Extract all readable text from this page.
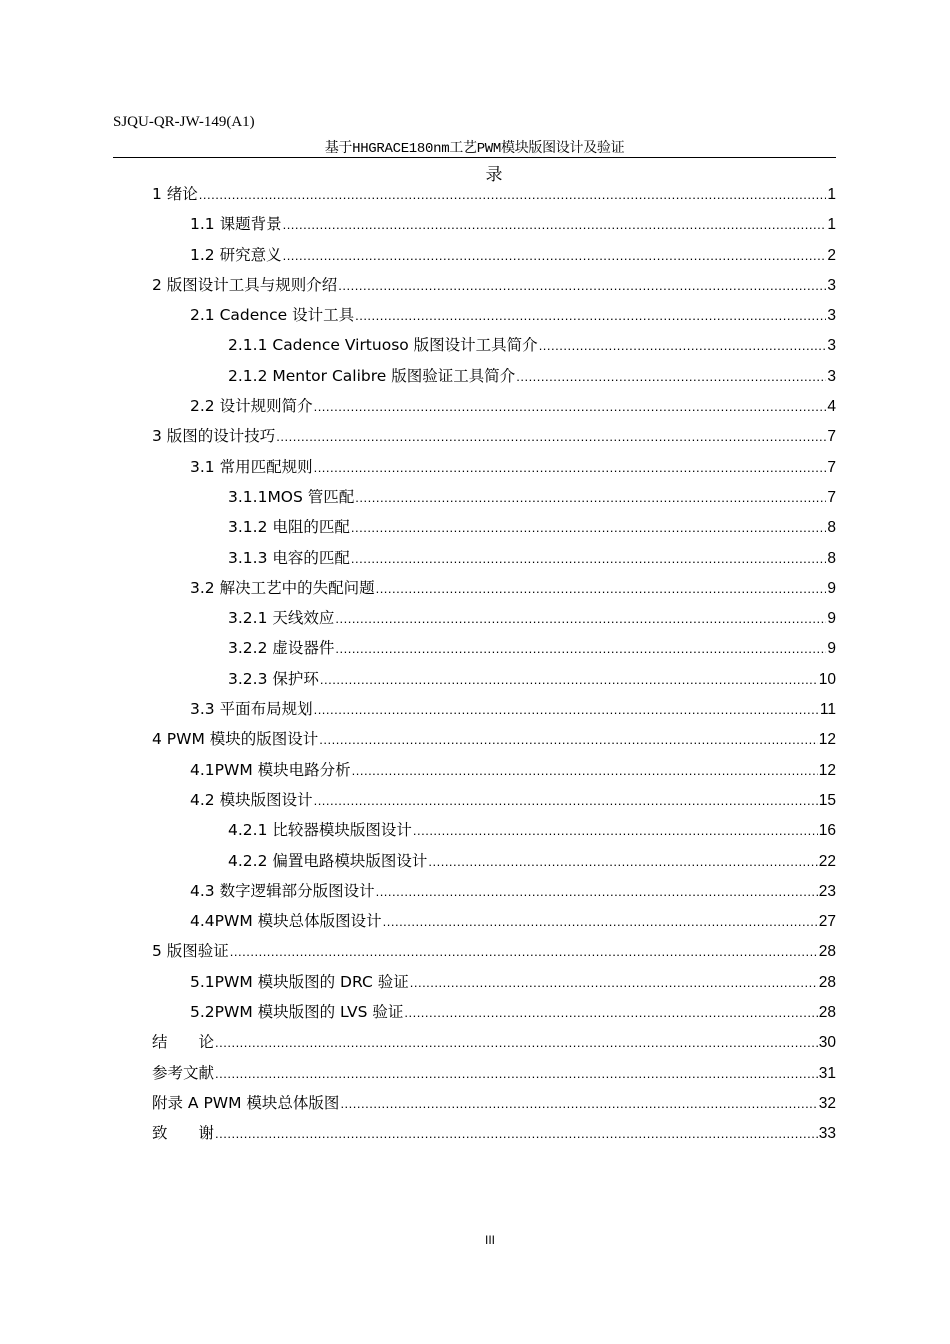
SJQU-QR-JW-149(A1)
基于HHGRACE180nm工艺PWM模块版图设计及验证
录
1 绪论 .....	1
1.1 课题背景 .....	1
1.2 研究意义 .....	2
2 版图设计工具与规则介绍 .....	3
2.1 Cadence 设计工具 .....	3
2.1.1 Cadence Virtuoso 版图设计工具简介 .....	3
2.1.2 Mentor Calibre 版图验证工具简介 .....	3
2.2 设计规则简介 .....	4
3 版图的设计技巧 .....	7
3.1 常用匹配规则 .....	7
3.1.1MOS 管匹配 .....	7
3.1.2 电阻的匹配 .....	8
3.1.3 电容的匹配 .....	8
3.2 解决工艺中的失配问题 .....	9
3.2.1 天线效应 .....	9
3.2.2 虚设器件 .....	9
3.2.3 保护环 .....	10
3.3 平面布局规划 .....	11
4 PWM 模块的版图设计 .....	12
4.1PWM 模块电路分析 .....	12
4.2 模块版图设计 .....	15
4.2.1 比较器模块版图设计 .....	16
4.2.2 偏置电路模块版图设计 .....	22
4.3 数字逻辑部分版图设计 .....	23
4.4PWM 模块总体版图设计 .....	27
5 版图验证 .....	28
5.1PWM 模块版图的 DRC 验证 .....	28
5.2PWM 模块版图的 LVS 验证 .....	28
结　　论 .....	30
参考文献 .....	31
附录 A PWM 模块总体版图 .....	32
致　　谢 .....	33
III
